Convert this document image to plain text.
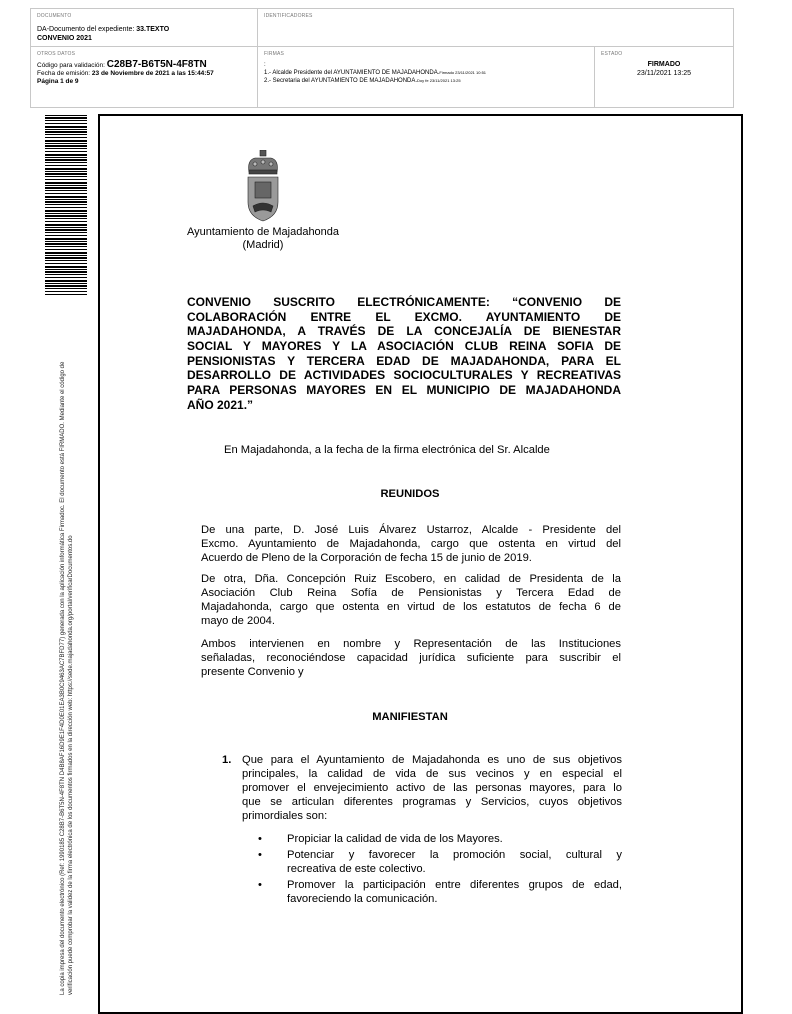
DOCUMENTO
DA-Documento del expediente: 33.TEXTO
CONVENIO 2021
IDENTIFICADORES
OTROS DATOS
Código para validación: C28B7-B6T5N-4F8TN
Fecha de emisión: 23 de Noviembre de 2021 a las 15:44:57
Página 1 de 9
FIRMAS
:
1.- Alcalde Presidente del AYUNTAMIENTO DE MAJADAHONDA.Firmado 23/11/2021 10:51
2.- Secretaria del AYUNTAMIENTO DE MAJADAHONDA.Doy fe 23/11/2021 13:25
ESTADO
FIRMADO
23/11/2021 13:25
La copia impresa del documento electrónico (Ref: 1990185 C28B7-B6T5N-4F8TN D4B8AF16D9E1F4D0E01EA3B0C9463AC7BFD77) generada con la aplicación informática Firmadoc. El documento está FIRMADO. Mediante el código de verificación puede comprobar la validez de la firma electrónica de los documentos firmados en la dirección web: https://sede.majadahonda.org/portal/verificarDocumentos.do
Ayuntamiento de Majadahonda
(Madrid)
CONVENIO SUSCRITO ELECTRÓNICAMENTE: “CONVENIO DE
COLABORACIÓN ENTRE EL EXCMO. AYUNTAMIENTO DE
MAJADAHONDA, A TRAVÉS DE LA CONCEJALÍA DE BIENESTAR
SOCIAL Y MAYORES Y LA ASOCIACIÓN CLUB REINA SOFIA DE
PENSIONISTAS Y TERCERA EDAD DE MAJADAHONDA, PARA EL
DESARROLLO DE ACTIVIDADES SOCIOCULTURALES Y RECREATIVAS
PARA PERSONAS MAYORES EN EL MUNICIPIO DE MAJADAHONDA
AÑO 2021.”
En Majadahonda, a la fecha de la firma electrónica del Sr. Alcalde
REUNIDOS
De una parte, D. José Luis Álvarez Ustarroz, Alcalde - Presidente del
Excmo. Ayuntamiento de Majadahonda, cargo que ostenta en virtud del
Acuerdo de Pleno de la Corporación de fecha 15 de junio de 2019.
De otra, Dña. Concepción Ruiz Escobero, en calidad de Presidenta de la
Asociación Club Reina Sofía de Pensionistas y Tercera Edad de
Majadahonda, cargo que ostenta en virtud de los estatutos de fecha 6 de
mayo de 2004.
Ambos intervienen en nombre y Representación de las Instituciones
señaladas, reconociéndose capacidad jurídica suficiente para suscribir el
presente Convenio y
MANIFIESTAN
1. Que para el Ayuntamiento de Majadahonda es uno de sus objetivos
principales, la calidad de vida de sus vecinos y en especial el
promover el envejecimiento activo de las personas mayores, para lo
que se articulan diferentes programas y Servicios, cuyos objetivos
primordiales son:
• Propiciar la calidad de vida de los Mayores.
• Potenciar y favorecer la promoción social, cultural y
recreativa de este colectivo.
• Promover la participación entre diferentes grupos de edad,
favoreciendo la comunicación.
